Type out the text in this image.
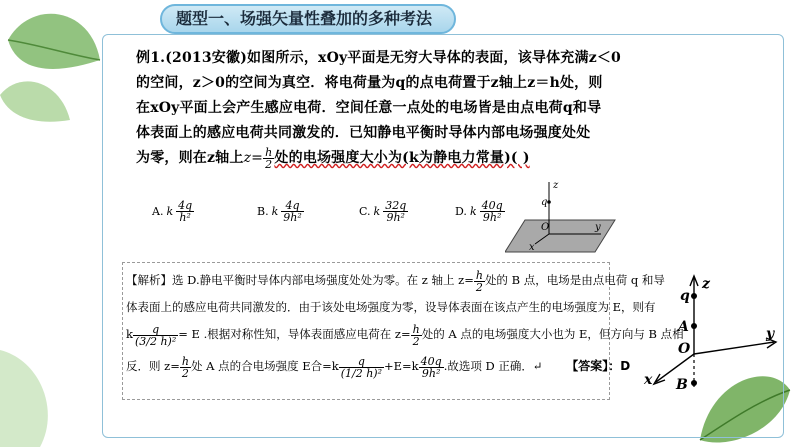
题型一、场强矢量性叠加的多种考法
例1.(2013安徽)如图所示，xOy平面是无穷大导体的表面，该导体充满z＜0
的空间，z＞0的空间为真空．将电荷量为q的点电荷置于z轴上z＝h处，则
在xOy平面上会产生感应电荷．空间任意一点处的电场皆是由点电荷q和导
体表面上的感应电荷共同激发的．已知静电平衡时导体内部电场强度处处
为零，则在z轴上$z= \frac{h}{2}$ 处的电场强度大小为(k为静电力常量)( )
A. k $\frac{4q}{\text{h²}}$	B. k $\frac{4q}{\text{9h²}}$	C. k $\frac{32q}{\text{9h²}}$	D. k $\frac{40q}{\text{9h²}}$
z
q
O	y
x
【解析】选 D.静电平衡时导体内部电场强度处处为零。在 z 轴上 $z= \frac{h}{2}$ 处的 B 点，电场是由点电荷 q 和导
体表面上的感应电荷共同激发的．由于该处电场强度为零，设导体表面在该点产生的电场强度为 E，则有
k $\frac{q}{\text{(3/2 h)²}} = E$ .根据对称性知，导体表面感应电荷在 $z= \frac{h}{2}$ 处的 A 点的电场强度大小也为 E，但方向与 B 点相
反．则 $z= \frac{h}{2}$ 处 A 点的合电场强度 E合$=k \frac{q}{\text{(1/2 h)²}} +E=k \frac{40q}{\text{9h²}}$ .故选项 D 正确．↵ 【答案】：D
z
q
A
O
y
x B
